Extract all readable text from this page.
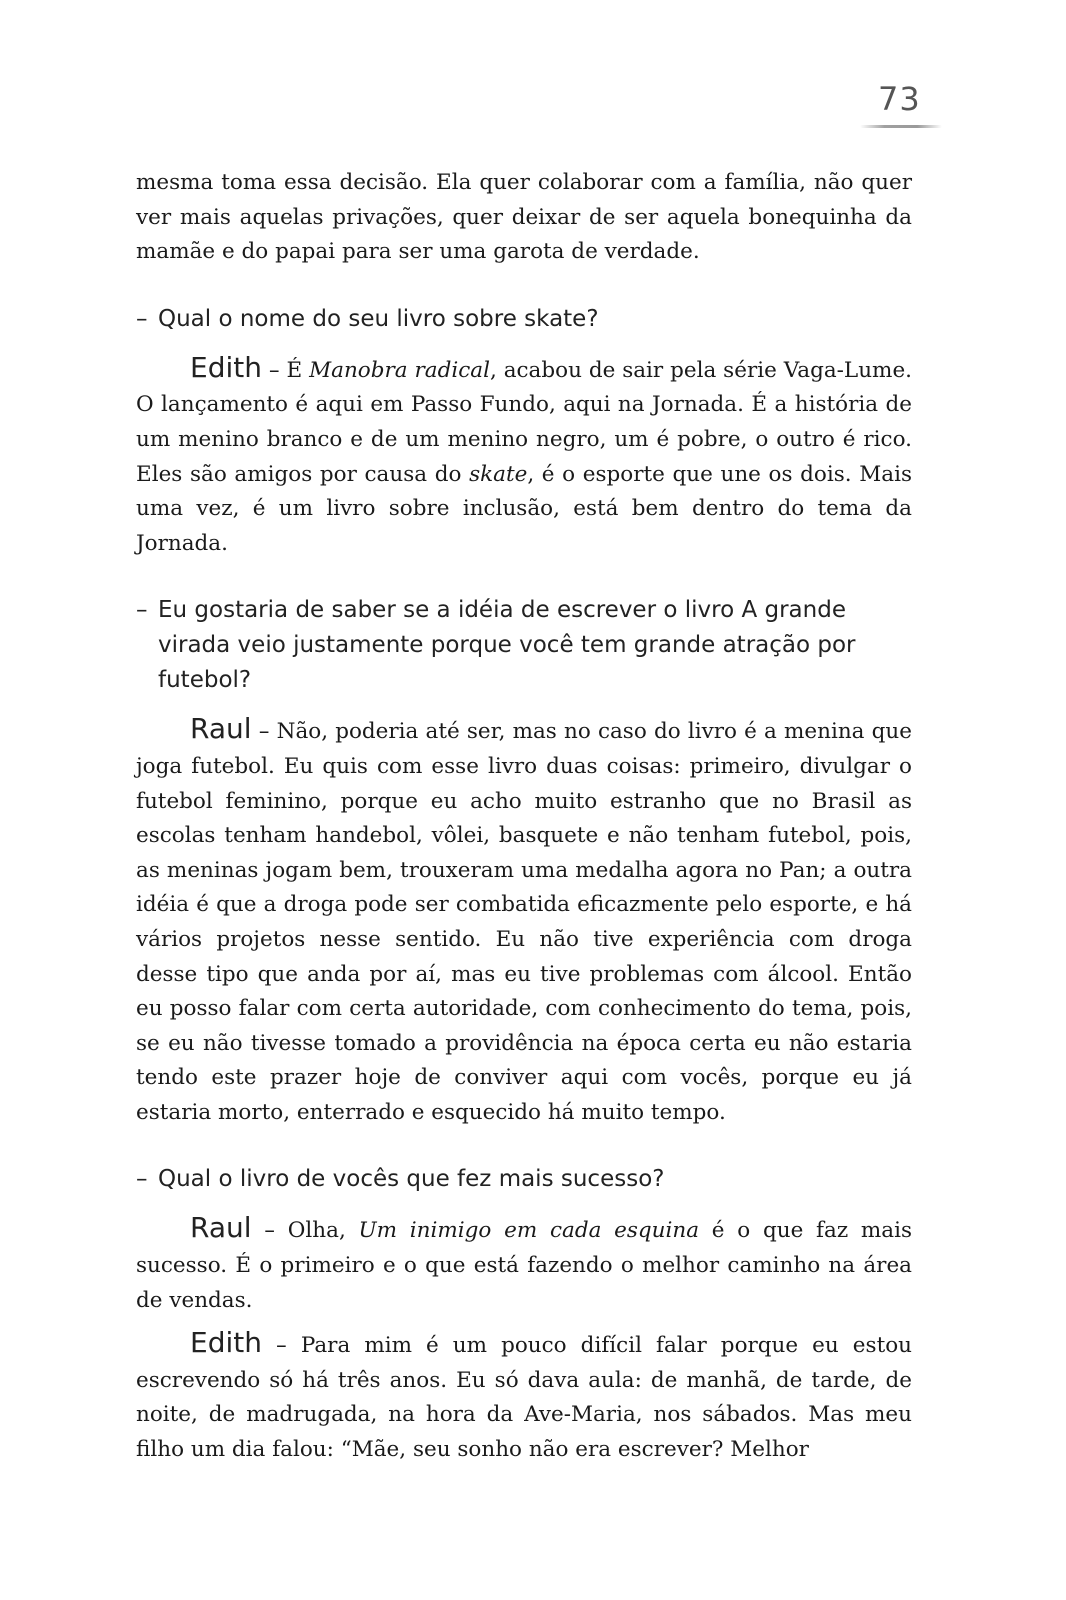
73

mesma toma essa decisão. Ela quer colaborar com a família, não quer ver mais aquelas privações, quer deixar de ser aquela bonequinha da mamãe e do papai para ser uma garota de verdade.

– Qual o nome do seu livro sobre skate?

Edith – É Manobra radical, acabou de sair pela série Vaga-Lume. O lançamento é aqui em Passo Fundo, aqui na Jornada. É a história de um menino branco e de um menino negro, um é pobre, o outro é rico. Eles são amigos por causa do skate, é o esporte que une os dois. Mais uma vez, é um livro sobre inclusão, está bem dentro do tema da Jornada.

– Eu gostaria de saber se a idéia de escrever o livro A grande virada veio justamente porque você tem grande atração por futebol?

Raul – Não, poderia até ser, mas no caso do livro é a menina que joga futebol. Eu quis com esse livro duas coisas: primeiro, divulgar o futebol feminino, porque eu acho muito estranho que no Brasil as escolas tenham handebol, vôlei, basquete e não tenham futebol, pois, as meninas jogam bem, trouxeram uma medalha agora no Pan; a outra idéia é que a droga pode ser combatida eficazmente pelo esporte, e há vários projetos nesse sentido. Eu não tive experiência com droga desse tipo que anda por aí, mas eu tive problemas com álcool. Então eu posso falar com certa autoridade, com conhecimento do tema, pois, se eu não tivesse tomado a providência na época certa eu não estaria tendo este prazer hoje de conviver aqui com vocês, porque eu já estaria morto, enterrado e esquecido há muito tempo.

– Qual o livro de vocês que fez mais sucesso?

Raul – Olha, Um inimigo em cada esquina é o que faz mais sucesso. É o primeiro e o que está fazendo o melhor caminho na área de vendas.

Edith – Para mim é um pouco difícil falar porque eu estou escrevendo só há três anos. Eu só dava aula: de manhã, de tarde, de noite, de madrugada, na hora da Ave-Maria, nos sábados. Mas meu filho um dia falou: “Mãe, seu sonho não era escrever? Melhor
